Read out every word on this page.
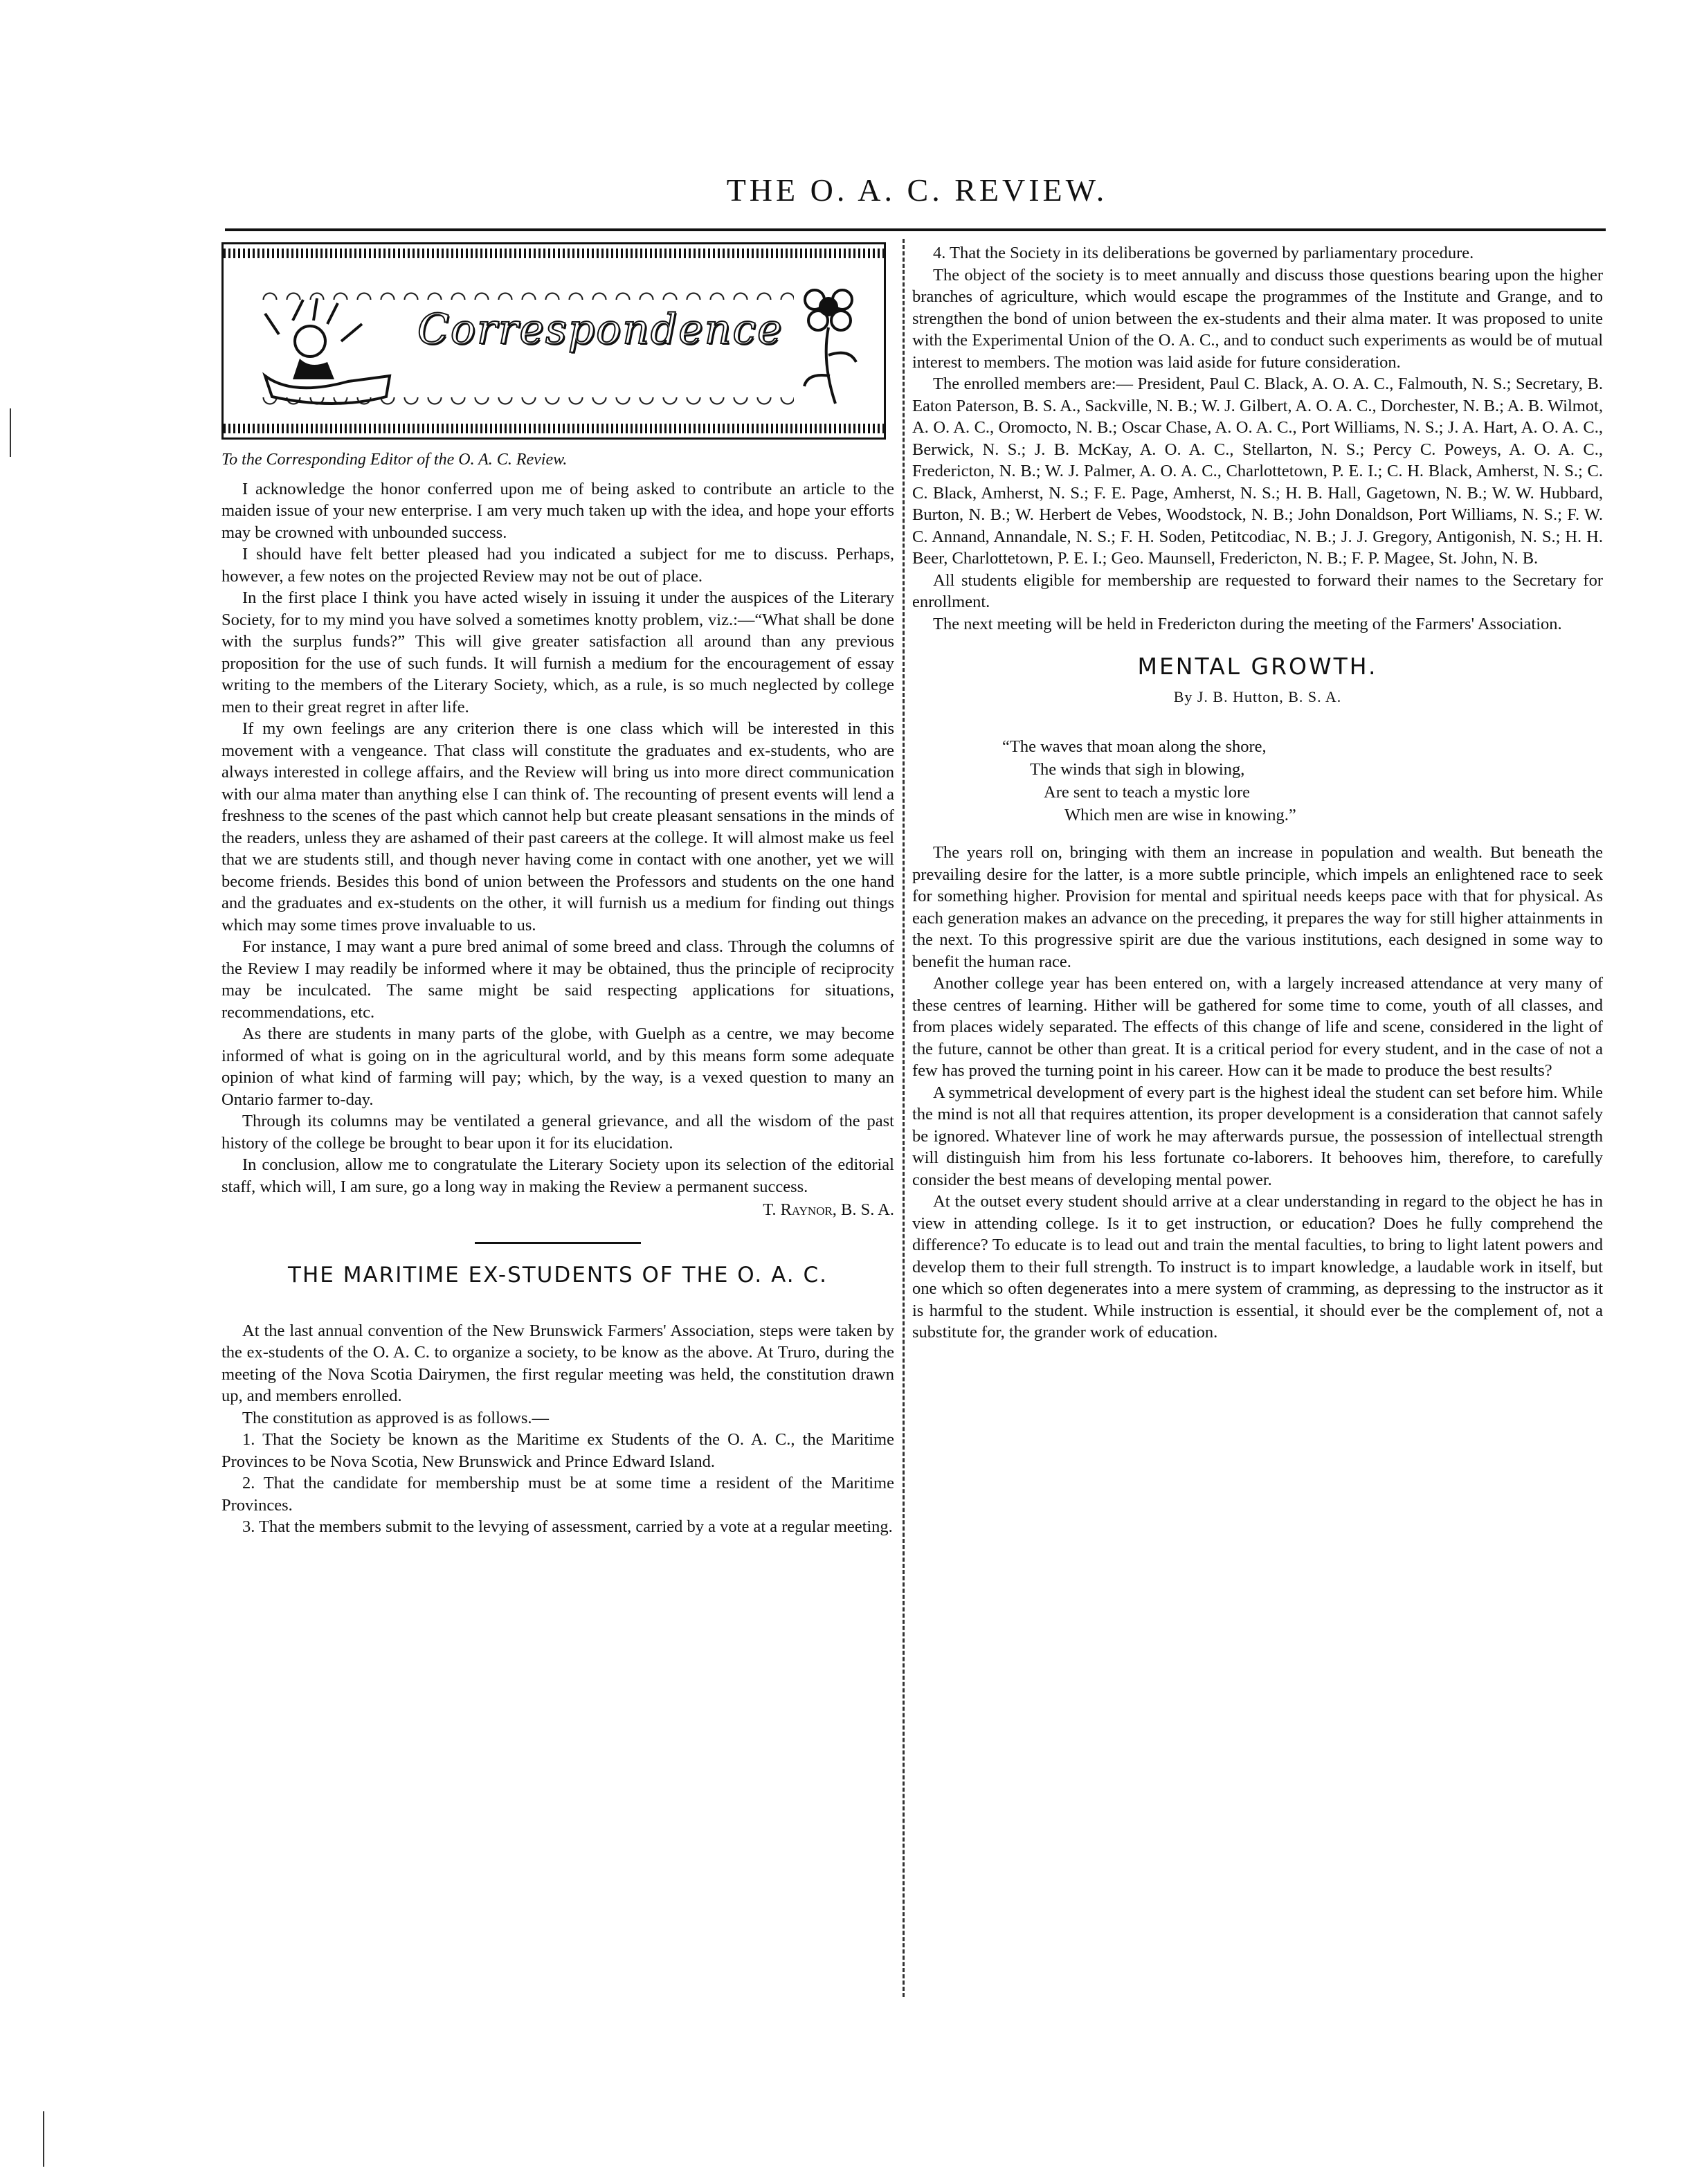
THE O. A. C. REVIEW.
Correspondence
To the Corresponding Editor of the O. A. C. Review.

I acknowledge the honor conferred upon me of being asked to contribute an article to the maiden issue of your new enterprise. I am very much taken up with the idea, and hope your efforts may be crowned with unbounded success.

I should have felt better pleased had you indicated a subject for me to discuss. Perhaps, however, a few notes on the projected Review may not be out of place.

In the first place I think you have acted wisely in issuing it under the auspices of the Literary Society, for to my mind you have solved a sometimes knotty problem, viz.:—“What shall be done with the surplus funds?” This will give greater satisfaction all around than any previous proposition for the use of such funds. It will furnish a medium for the encouragement of essay writing to the members of the Literary Society, which, as a rule, is so much neglected by college men to their great regret in after life.

If my own feelings are any criterion there is one class which will be interested in this movement with a vengeance. That class will constitute the graduates and ex-students, who are always interested in college affairs, and the Review will bring us into more direct communication with our alma mater than anything else I can think of. The recounting of present events will lend a freshness to the scenes of the past which cannot help but create pleasant sensations in the minds of the readers, unless they are ashamed of their past careers at the college. It will almost make us feel that we are students still, and though never having come in contact with one another, yet we will become friends. Besides this bond of union between the Professors and students on the one hand and the graduates and ex-students on the other, it will furnish us a medium for finding out things which may some times prove invaluable to us.

For instance, I may want a pure bred animal of some breed and class. Through the columns of the Review I may readily be informed where it may be obtained, thus the principle of reciprocity may be inculcated. The same might be said respecting applications for situations, recommendations, etc.

As there are students in many parts of the globe, with Guelph as a centre, we may become informed of what is going on in the agricultural world, and by this means form some adequate opinion of what kind of farming will pay; which, by the way, is a vexed question to many an Ontario farmer to-day.

Through its columns may be ventilated a general grievance, and all the wisdom of the past history of the college be brought to bear upon it for its elucidation.

In conclusion, allow me to congratulate the Literary Society upon its selection of the editorial staff, which will, I am sure, go a long way in making the Review a permanent success.

T. Raynor, B. S. A.
THE MARITIME EX-STUDENTS OF THE O. A. C.

At the last annual convention of the New Brunswick Farmers' Association, steps were taken by the ex-students of the O. A. C. to organize a society, to be know as the above. At Truro, during the meeting of the Nova Scotia Dairymen, the first regular meeting was held, the constitution drawn up, and members enrolled.

The constitution as approved is as follows.—

1. That the Society be known as the Maritime ex Students of the O. A. C., the Maritime Provinces to be Nova Scotia, New Brunswick and Prince Edward Island.

2. That the candidate for membership must be at some time a resident of the Maritime Provinces.

3. That the members submit to the levying of assessment, carried by a vote at a regular meeting.

4. That the Society in its deliberations be governed by parliamentary procedure.

The object of the society is to meet annually and discuss those questions bearing upon the higher branches of agriculture, which would escape the programmes of the Institute and Grange, and to strengthen the bond of union between the ex-students and their alma mater. It was proposed to unite with the Experimental Union of the O. A. C., and to conduct such experiments as would be of mutual interest to members. The motion was laid aside for future consideration.

The enrolled members are:— President, Paul C. Black, A. O. A. C., Falmouth, N. S.; Secretary, B. Eaton Paterson, B. S. A., Sackville, N. B.; W. J. Gilbert, A. O. A. C., Dorchester, N. B.; A. B. Wilmot, A. O. A. C., Oromocto, N. B.; Oscar Chase, A. O. A. C., Port Williams, N. S.; J. A. Hart, A. O. A. C., Berwick, N. S.; J. B. McKay, A. O. A. C., Stellarton, N. S.; Percy C. Poweys, A. O. A. C., Fredericton, N. B.; W. J. Palmer, A. O. A. C., Charlottetown, P. E. I.; C. H. Black, Amherst, N. S.; C. C. Black, Amherst, N. S.; F. E. Page, Amherst, N. S.; H. B. Hall, Gagetown, N. B.; W. W. Hubbard, Burton, N. B.; W. Herbert de Vebes, Woodstock, N. B.; John Donaldson, Port Williams, N. S.; F. W. C. Annand, Annandale, N. S.; F. H. Soden, Petitcodiac, N. B.; J. J. Gregory, Antigonish, N. S.; H. H. Beer, Charlottetown, P. E. I.; Geo. Maunsell, Fredericton, N. B.; F. P. Magee, St. John, N. B.

All students eligible for membership are requested to forward their names to the Secretary for enrollment.

The next meeting will be held in Fredericton during the meeting of the Farmers' Association.

MENTAL GROWTH.
By J. B. Hutton, B. S. A.
“The waves that moan along the shore,
The winds that sigh in blowing,
Are sent to teach a mystic lore
Which men are wise in knowing.”

The years roll on, bringing with them an increase in population and wealth. But beneath the prevailing desire for the latter, is a more subtle principle, which impels an enlightened race to seek for something higher. Provision for mental and spiritual needs keeps pace with that for physical. As each generation makes an advance on the preceding, it prepares the way for still higher attainments in the next. To this progressive spirit are due the various institutions, each designed in some way to benefit the human race.

Another college year has been entered on, with a largely increased attendance at very many of these centres of learning. Hither will be gathered for some time to come, youth of all classes, and from places widely separated. The effects of this change of life and scene, considered in the light of the future, cannot be other than great. It is a critical period for every student, and in the case of not a few has proved the turning point in his career. How can it be made to produce the best results?

A symmetrical development of every part is the highest ideal the student can set before him. While the mind is not all that requires attention, its proper development is a consideration that cannot safely be ignored. Whatever line of work he may afterwards pursue, the possession of intellectual strength will distinguish him from his less fortunate co-laborers. It behooves him, therefore, to carefully consider the best means of developing mental power.

At the outset every student should arrive at a clear understanding in regard to the object he has in view in attending college. Is it to get instruction, or education? Does he fully comprehend the difference? To educate is to lead out and train the mental faculties, to bring to light latent powers and develop them to their full strength. To instruct is to impart knowledge, a laudable work in itself, but one which so often degenerates into a mere system of cramming, as depressing to the instructor as it is harmful to the student. While instruction is essential, it should ever be the complement of, not a substitute for, the grander work of education.
